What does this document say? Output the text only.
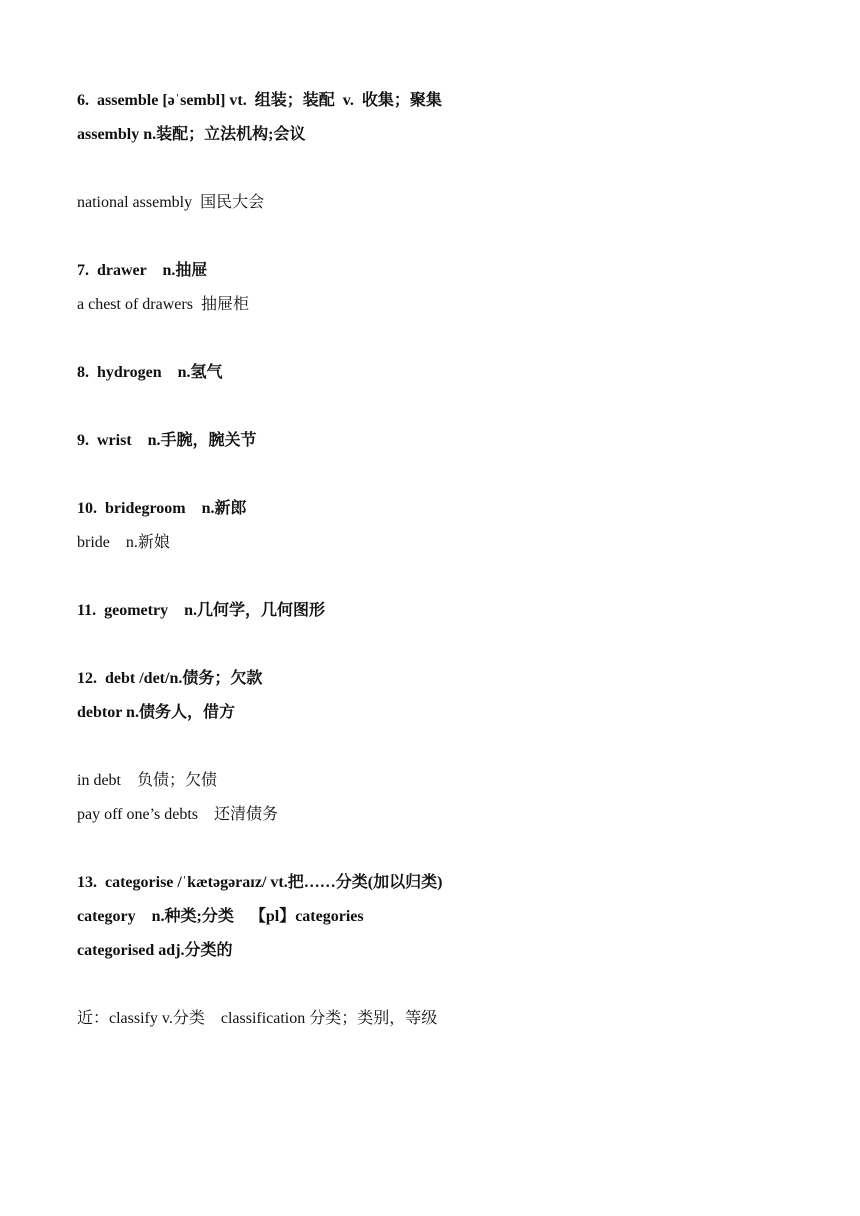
6.  assemble [əˈsembl] vt.  组装；装配  v.  收集；聚集
assembly n.装配；立法机构;会议
national assembly  国民大会
7.  drawer    n.抽屉
a chest of drawers  抽屉柜
8.  hydrogen    n.氢气
9.  wrist    n.手腕，腕关节
10.  bridegroom    n.新郎
bride    n.新娘
11.  geometry    n.几何学，几何图形
12.  debt /det/n.债务；欠款
debtor n.债务人，借方
in debt    负债；欠债
pay off one’s debts    还清债务
13.  categorise /ˈkætəgəraɪz/ vt.把……分类(加以归类)
category    n.种类;分类    【pl】categories
categorised adj.分类的
近：classify v.分类    classification 分类；类别，等级
